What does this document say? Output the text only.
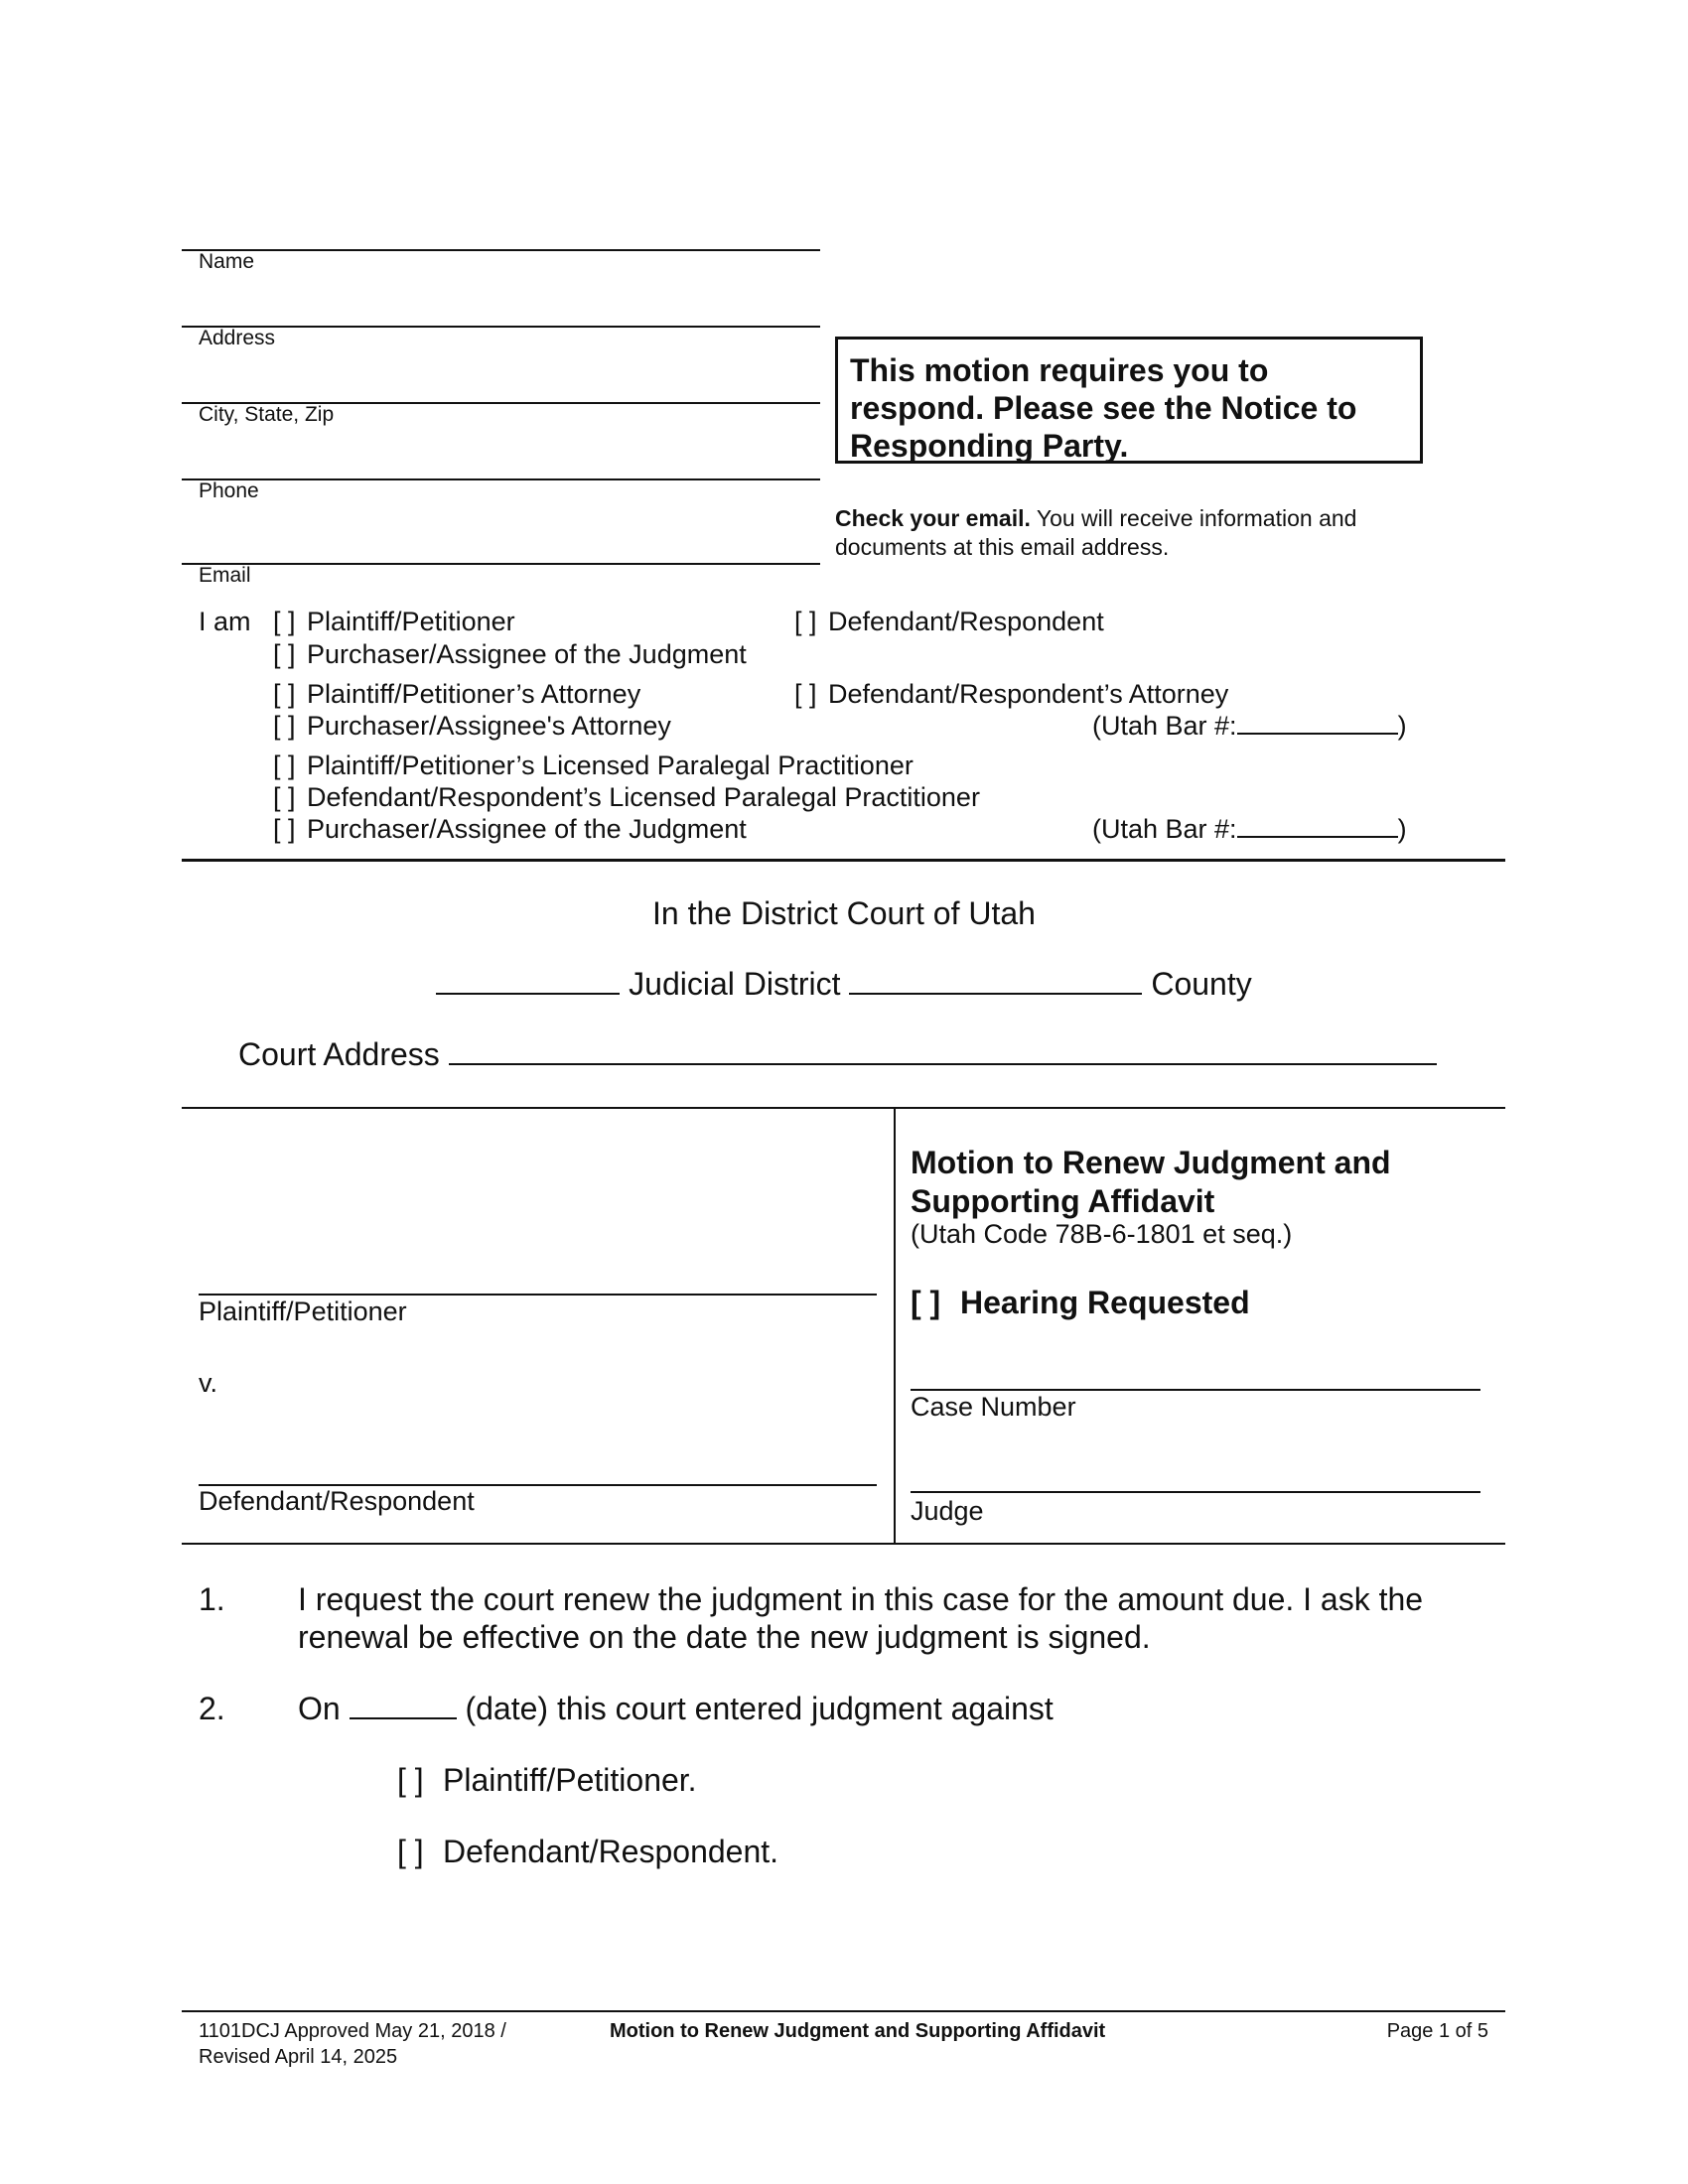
Name
Address
City, State, Zip
Phone
Email
This motion requires you to respond. Please see the Notice to Responding Party.
Check your email. You will receive information and documents at this email address.
I am [ ] Plaintiff/Petitioner	[ ] Defendant/Respondent
[ ] Purchaser/Assignee of the Judgment
[ ] Plaintiff/Petitioner’s Attorney	[ ] Defendant/Respondent’s Attorney
[ ] Purchaser/Assignee's Attorney	(Utah Bar #:	)
[ ] Plaintiff/Petitioner’s Licensed Paralegal Practitioner
[ ] Defendant/Respondent’s Licensed Paralegal Practitioner
[ ] Purchaser/Assignee of the Judgment	(Utah Bar #:	)
In the District Court of Utah
Judicial District	County
Court Address
Plaintiff/Petitioner
v.
Defendant/Respondent
Motion to Renew Judgment and
Supporting Affidavit
(Utah Code 78B-6-1801 et seq.)
[ ] Hearing Requested
Case Number
Judge
1. I request the court renew the judgment in this case for the amount due. I ask the renewal be effective on the date the new judgment is signed.
2. On	(date) this court entered judgment against
[ ] Plaintiff/Petitioner.
[ ] Defendant/Respondent.
1101DCJ Approved May 21, 2018 /
Revised April 14, 2025
Motion to Renew Judgment and Supporting Affidavit	Page 1 of 5
